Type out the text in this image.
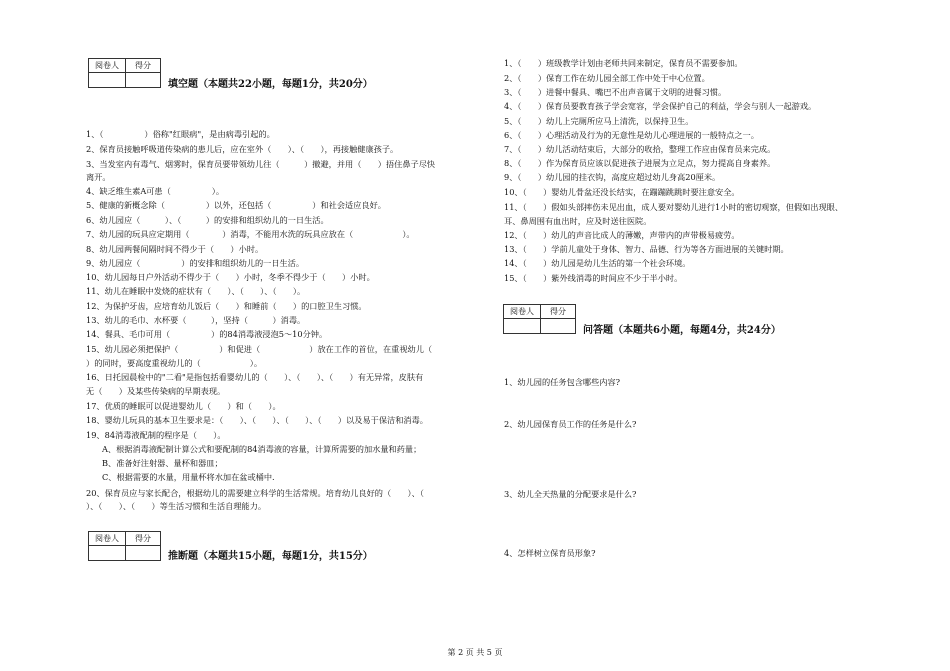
阅卷人	得分

填空题（本题共22小题，每题1分，共20分）
1、（　　　　　）俗称"红眼病"，是由病毒引起的。
2、保育员接触呼吸道传染病的患儿后，应在室外（　　）、（　　），再接触健康孩子。
3、当发室内有毒气、烟雾时，保育员要带领幼儿往（　　　）撤避，并用（　　）捂住鼻子尽快
离开。
4、缺乏维生素A可患（　　　　　）。
5、健康的新概念除（　　　　　）以外，还包括（　　　　　）和社会适应良好。
6、幼儿园应（　　　）、（　　　）的安排和组织幼儿的一日生活。
7、幼儿园的玩具应定期用（　　　　）消毒，不能用水洗的玩具应放在（　　　　　　）。
8、幼儿园两餐间隔时间不得少于（　　）小时。
9、幼儿园应（　　　　　）的安排和组织幼儿的一日生活。
10、幼儿园每日户外活动不得少于（　　）小时，冬季不得少于（　　）小时。
11、幼儿在睡眠中发烧的症状有（　　）、（　　）、（　　）。
12、为保护牙齿，应培育幼儿饭后（　　）和睡前（　　）的口腔卫生习惯。
13、幼儿的毛巾、水杯要（　　　），坚持（　　　）消毒。
14、餐具、毛巾可用（　　　　　）的84消毒液浸泡5～10分钟。
15、幼儿园必须把保护（　　　　　）和促进（　　　　　　）放在工作的首位，在重视幼儿（
）的同时，要高度重视幼儿的（　　　　　　）。
16、日托园晨检中的"二看"是指包括看婴幼儿的（　　）、（　　）、（　　）有无异常，皮肤有
无（　　）及某些传染病的早期表现。
17、优质的睡眠可以促进婴幼儿（　　）和（　　）。
18、婴幼儿玩具的基本卫生要求是：（　　）、（　　）、（　　）、（　　）以及易于保洁和消毒。
19、84消毒液配制的程序是（　　）。
A、根据消毒液配制计算公式和要配制的84消毒液的容量，计算所需要的加水量和药量；
B、准备好注射器、量杯和器皿；
C、根据需要的水量，用量杯将水加在盆或桶中.
20、保育员应与家长配合，根据幼儿的需要建立科学的生活常规。培育幼儿良好的（　　）、（
）、（　　）、（　　）等生活习惯和生活自理能力。
阅卷人	得分

推断题（本题共15小题，每题1分，共15分）
1、（　　）班级教学计划由老师共同来制定，保育员不需要参加。
2、（　　）保育工作在幼儿园全部工作中处于中心位置。
3、（　　）进餐中餐具、嘴巴不出声音属于文明的进餐习惯。
4、（　　）保育员要教育孩子学会宽容，学会保护自己的利益，学会与别人一起游戏。
5、（　　）幼儿上完厕所应马上清洗，以保持卫生。
6、（　　）心理活动及行为的无意性是幼儿心理进展的一般特点之一。
7、（　　）幼儿活动结束后，大部分的收拾，整理工作应由保育员来完成。
8、（　　）作为保育员应该以促进孩子进展为立足点，努力提高自身素养。
9、（　　）幼儿园的挂衣钩，高度应超过幼儿身高20厘米。
10、（　　）婴幼儿骨盆还没长结实，在蹦蹦跳跳时要注意安全。
11、（　　）假如头部摔伤未见出血，成人要对婴幼儿进行1小时的密切观察，但假如出现眼、
耳、鼻周围有血出时，应及时送往医院。
12、（　　）幼儿的声音比成人的薄嫩，声带内的声带极易疲劳。
13、（　　）学前儿童处于身体、智力、品德、行为等各方面进展的关键时期。
14、（　　）幼儿园是幼儿生活的第一个社会环境。
15、（　　）紫外线消毒的时间应不少于半小时。
阅卷人	得分

问答题（本题共6小题，每题4分，共24分）
1、幼儿园的任务包含哪些内容?
2、幼儿园保育员工作的任务是什么?
3、幼儿全天热量的分配要求是什么?
4、怎样树立保育员形象?
第 2 页 共 5 页
